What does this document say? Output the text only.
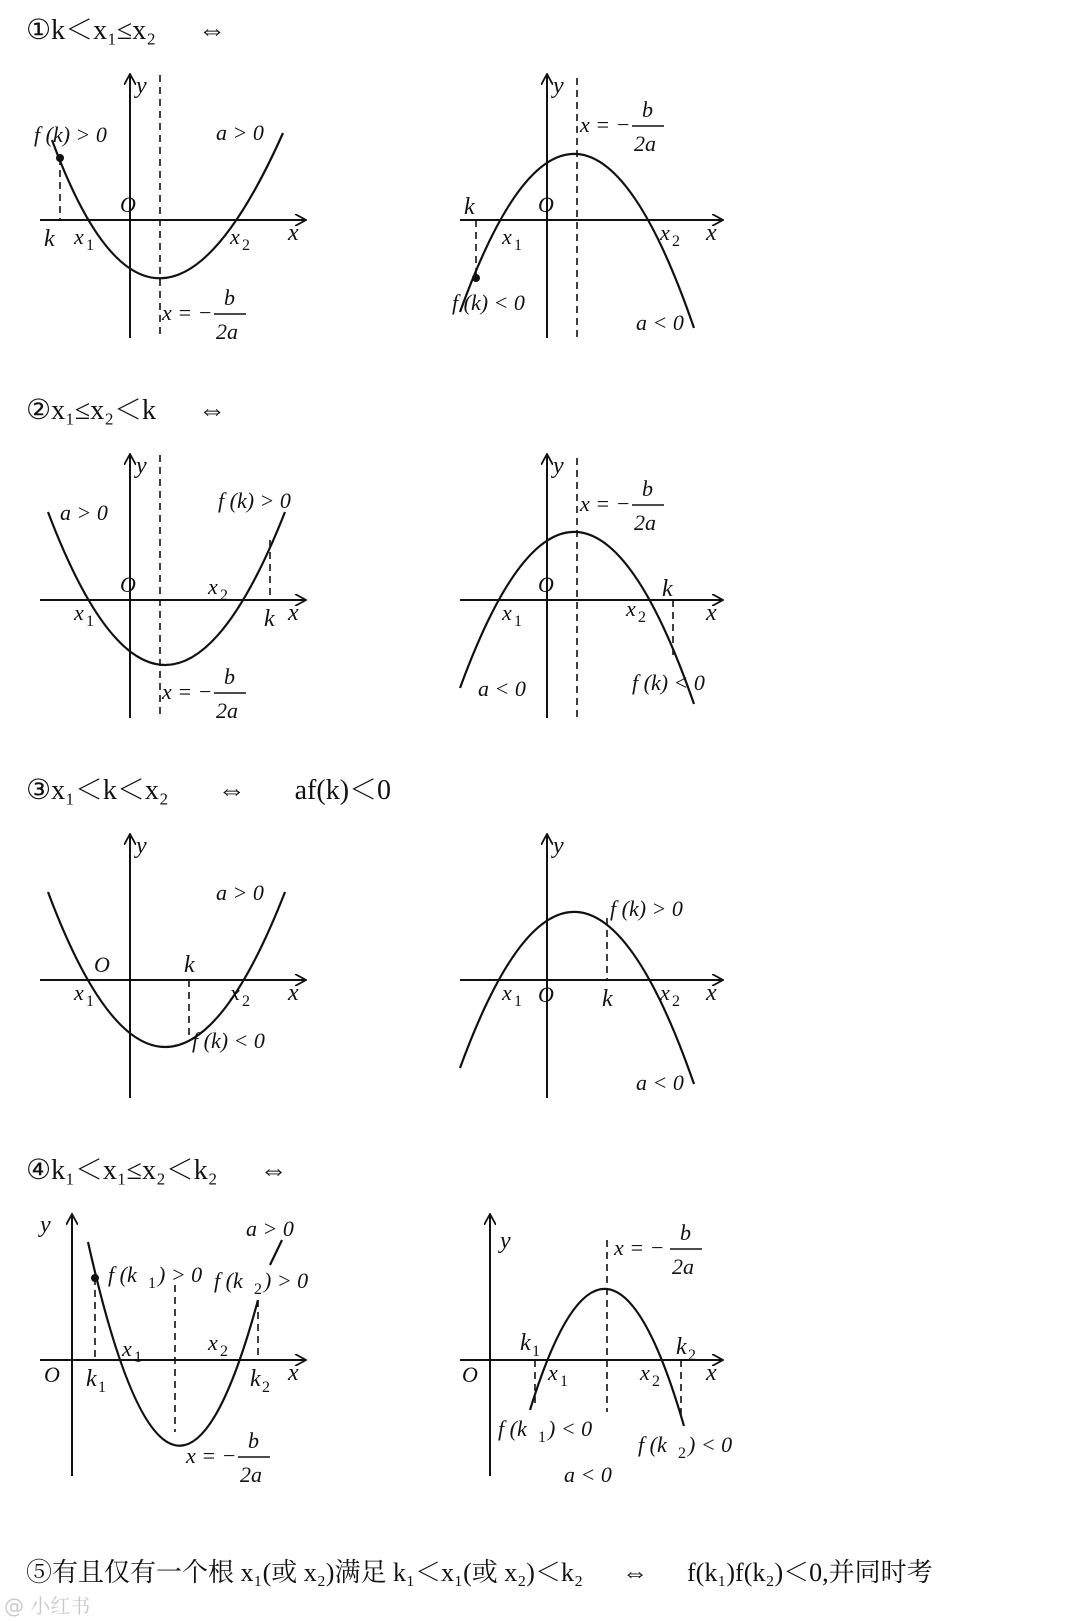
①k＜x₁≤x₂      ⇔
②x₁≤x₂＜k      ⇔
③x₁＜k＜x₂       ⇔       af(k)＜0
④k₁＜x₁≤x₂＜k₂      ⇔
⑤有且仅有一个根 x₁(或 x₂)满足 k₁＜x₁(或 x₂)＜k₂      ⇔      f(k₁)f(k₂)＜0,并同时考
y
x
O
k x 1	x 2
f (k) > 0	a > 0
x = −
b
2a
y
x
O
k
x 1
x 2
f (k) < 0
a < 0
x = −
b
2a
y
x
O
k
x 1
x 2
f (k) > 0
a > 0
x = −
b
2a
y
x
O	k
x 1
x 2
f (k) < 0
a < 0
x = −
b
2a
y
x
O	k
x 1	x 2
f (k) < 0
a > 0
y
x
O k
x 1	x 2
f (k) > 0
a < 0
y
x
O k 1	k 2
x 1
x 2
f (k 1 ) > 0 f (k 2 ) > 0
a > 0
x = −
b
2a
y
x
O
k 1	k 2
x 1	x 2
f (k 1 ) < 0
f (k 2 ) < 0
a < 0
x = −
b
2a
@ 小红书
